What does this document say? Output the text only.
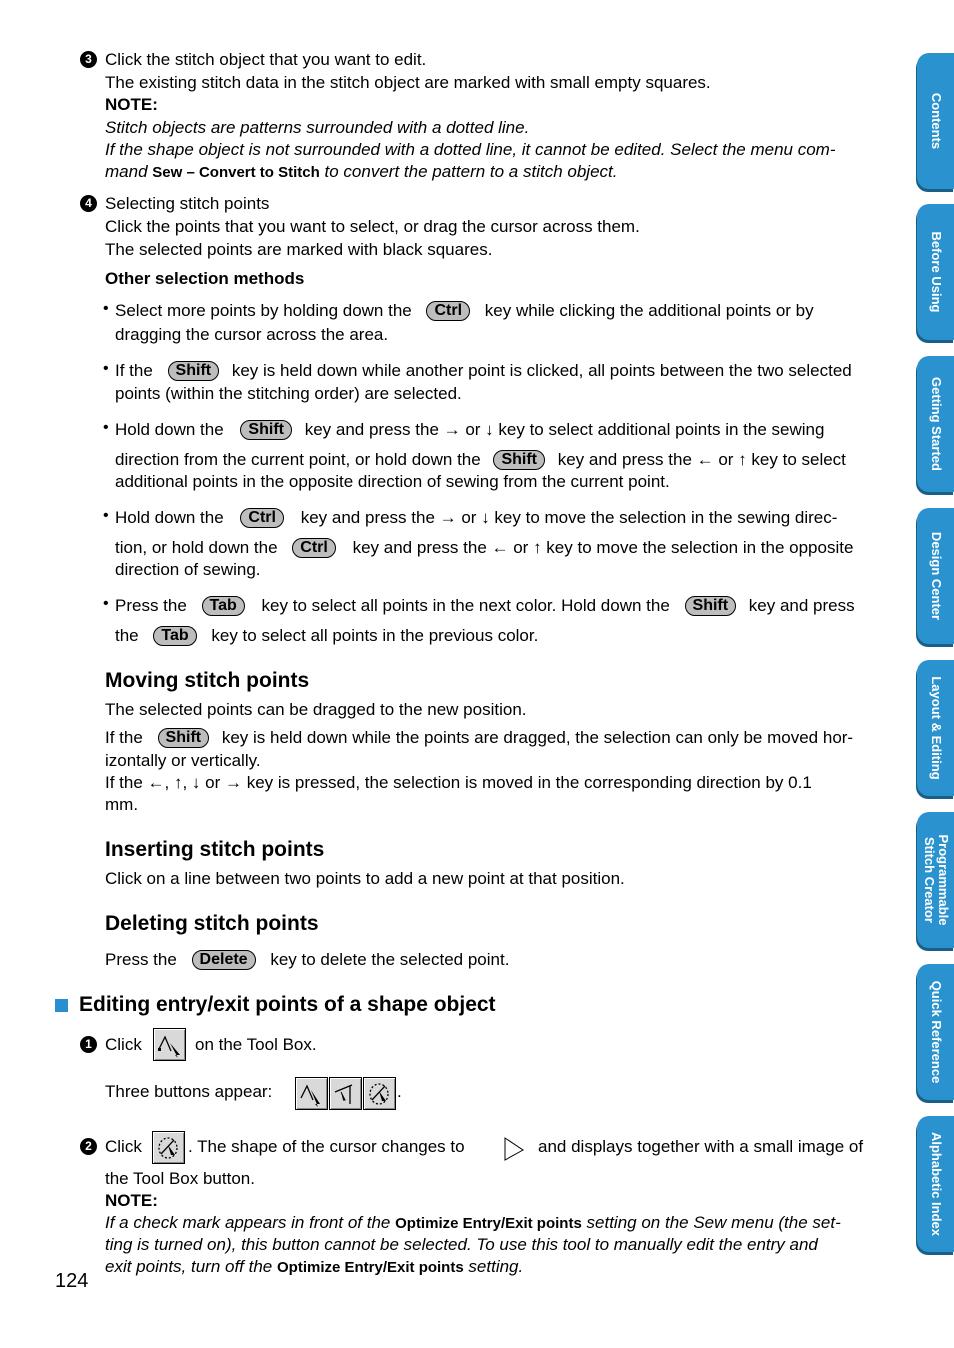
Contents
Before Using
Getting Started
Design Center
Layout & Editing
Programmable Stitch Creator
Quick Reference
Alphabetic Index
3 Click the stitch object that you want to edit.
The existing stitch data in the stitch object are marked with small empty squares.
NOTE:
Stitch objects are patterns surrounded with a dotted line.
If the shape object is not surrounded with a dotted line, it cannot be edited. Select the menu com-
mand Sew – Convert to Stitch to convert the pattern to a stitch object.
4 Selecting stitch points
Click the points that you want to select, or drag the cursor across them.
The selected points are marked with black squares.
Other selection methods
• Select more points by holding down the Ctrl key while clicking the additional points or by
dragging the cursor across the area.
• If the Shift key is held down while another point is clicked, all points between the two selected
points (within the stitching order) are selected.
• Hold down the Shift key and press the → or ↓ key to select additional points in the sewing
direction from the current point, or hold down the Shift key and press the ← or ↑ key to select
additional points in the opposite direction of sewing from the current point.
• Hold down the Ctrl key and press the → or ↓ key to move the selection in the sewing direc-
tion, or hold down the Ctrl key and press the ← or ↑ key to move the selection in the opposite
direction of sewing.
• Press the Tab key to select all points in the next color. Hold down the Shift key and press
the Tab key to select all points in the previous color.
Moving stitch points
The selected points can be dragged to the new position.
If the Shift key is held down while the points are dragged, the selection can only be moved hor-
izontally or vertically.
If the ←, ↑, ↓ or → key is pressed, the selection is moved in the corresponding direction by 0.1
mm.
Inserting stitch points
Click on a line between two points to add a new point at that position.
Deleting stitch points
Press the Delete key to delete the selected point.
Editing entry/exit points of a shape object
1 Click	on the Tool Box.
Three buttons appear:	.
2 Click	. The shape of the cursor changes to	and displays together with a small image of
the Tool Box button.
NOTE:
If a check mark appears in front of the Optimize Entry/Exit points setting on the Sew menu (the set-
ting is turned on), this button cannot be selected. To use this tool to manually edit the entry and
exit points, turn off the Optimize Entry/Exit points setting.
124
